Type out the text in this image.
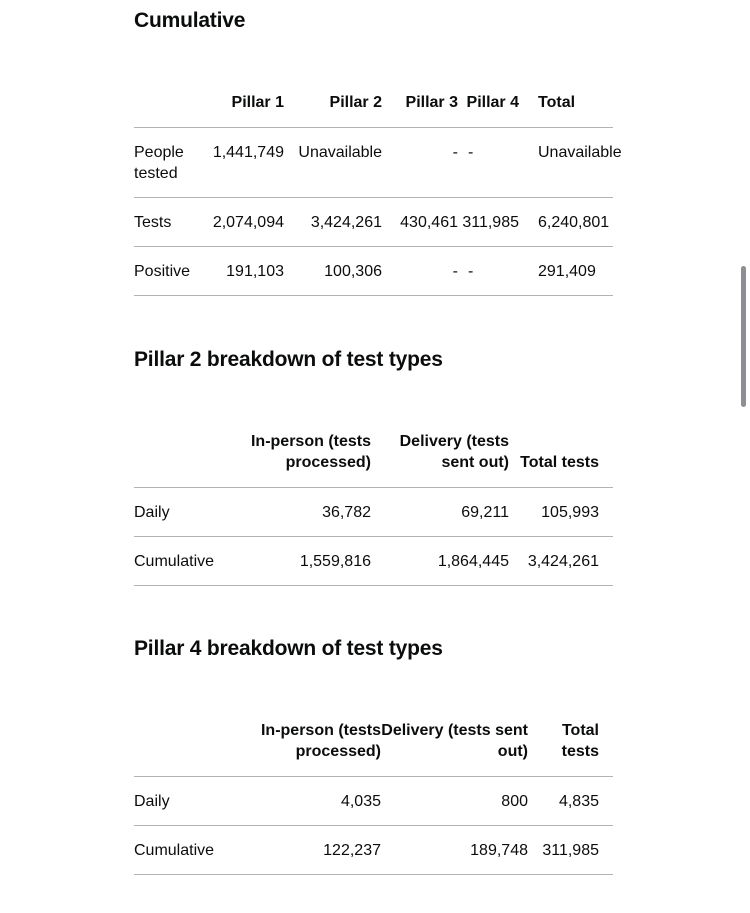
Cumulative
	Pillar 1	Pillar 2	Pillar 3	Pillar 4	Total
People tested	1,441,749	Unavailable	-	-	Unavailable
Tests	2,074,094	3,424,261	430,461	311,985	6,240,801
Positive	191,103	100,306	-	-	291,409
Pillar 2 breakdown of test types
	In-person (tests processed)	Delivery (tests sent out)	Total tests
Daily	36,782	69,211	105,993
Cumulative	1,559,816	1,864,445	3,424,261
Pillar 4 breakdown of test types
	In-person (tests processed)	Delivery (tests sent out)	Total tests
Daily	4,035	800	4,835
Cumulative	122,237	189,748	311,985
